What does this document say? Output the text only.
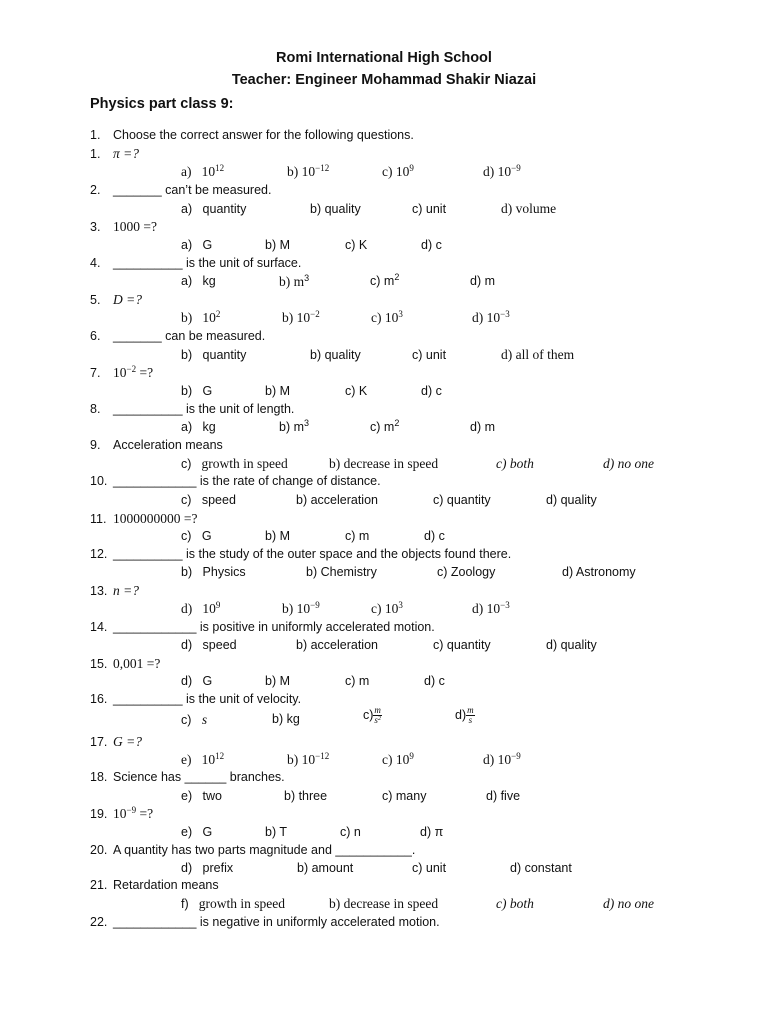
Romi International High School
Teacher: Engineer Mohammad Shakir Niazai
Physics part class 9:
1. Choose the correct answer for the following questions.
1. π =?
a) $10^{12}$	b) $10^{-12}$	c) $10^9$	d) $10^{-9}$
2. _______ can’t be measured.
a) quantity	b) quality	c) unit	d) volume
3. 1000 =?
a) G	b) M	c) K	d) c
4. __________ is the unit of surface.
a) kg	b) $m^3$	c) $m^2$	d) m
5. D =?
b) $10^2$	b) $10^{-2}$	c) $10^3$	d) $10^{-3}$
6. _______ can be measured.
b) quantity	b) quality	c) unit	d) all of them
7. $10^{-2}$ =?
b) G	b) M	c) K	d) c
8. __________ is the unit of length.
a) kg	b) $m^3$	c) $m^2$	d) m
9. Acceleration means
c) growth in speed	b) decrease in speed	c) both	d) no one
10. ____________ is the rate of change of distance.
c) speed	b) acceleration	c) quantity	d) quality
11. 1000000000 =?
c) G	b) M	c) m	d) c
12. __________ is the study of the outer space and the objects found there.
b) Physics	b) Chemistry	c) Zoology	d) Astronomy
13. n =?
d) $10^9$	b) $10^{-9}$	c) $10^3$	d) $10^{-3}$
14. ____________ is positive in uniformly accelerated motion.
d) speed	b) acceleration	c) quantity	d) quality
15. 0,001 =?
d) G	b) M	c) m	d) c
16. __________ is the unit of velocity.
c) s	b) kg	$c) \frac{m}{s^2}$	$d) \frac{m}{s}$
17. G =?
e) $10^{12}$	b) $10^{-12}$	c) $10^9$	d) $10^{-9}$
18. Science has ______ branches.
e) two	b) three	c) many	d) five
19. $10^{-9}$ =?
e) G	b) T	c) n	d) π
20. A quantity has two parts magnitude and ___________.
d) prefix	b) amount	c) unit	d) constant
21. Retardation means
f) growth in speed	b) decrease in speed	c) both	d) no one
22. ____________ is negative in uniformly accelerated motion.
